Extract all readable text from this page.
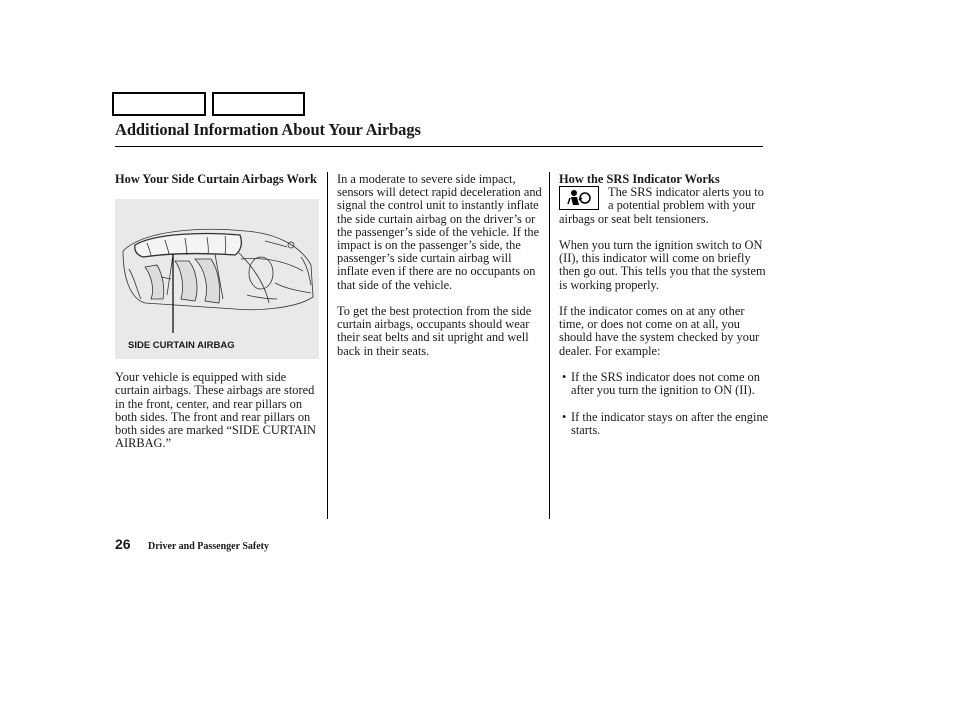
Additional Information About Your Airbags
How Your Side Curtain Airbags Work
SIDE CURTAIN AIRBAG

Your vehicle is equipped with side curtain airbags. These airbags are stored in the front, center, and rear pillars on both sides. The front and rear pillars on both sides are marked “SIDE CURTAIN AIRBAG.”

In a moderate to severe side impact, sensors will detect rapid deceleration and signal the control unit to instantly inflate the side curtain airbag on the driver’s or the passenger’s side of the vehicle. If the impact is on the passenger’s side, the passenger’s side curtain airbag will inflate even if there are no occupants on that side of the vehicle.

To get the best protection from the side curtain airbags, occupants should wear their seat belts and sit upright and well back in their seats.

How the SRS Indicator Works

The SRS indicator alerts you to a potential problem with your airbags or seat belt tensioners.

When you turn the ignition switch to ON (II), this indicator will come on briefly then go out. This tells you that the system is working properly.

If the indicator comes on at any other time, or does not come on at all, you should have the system checked by your dealer. For example:

• If the SRS indicator does not come on after you turn the ignition to ON (II).
• If the indicator stays on after the engine starts.
26 Driver and Passenger Safety
